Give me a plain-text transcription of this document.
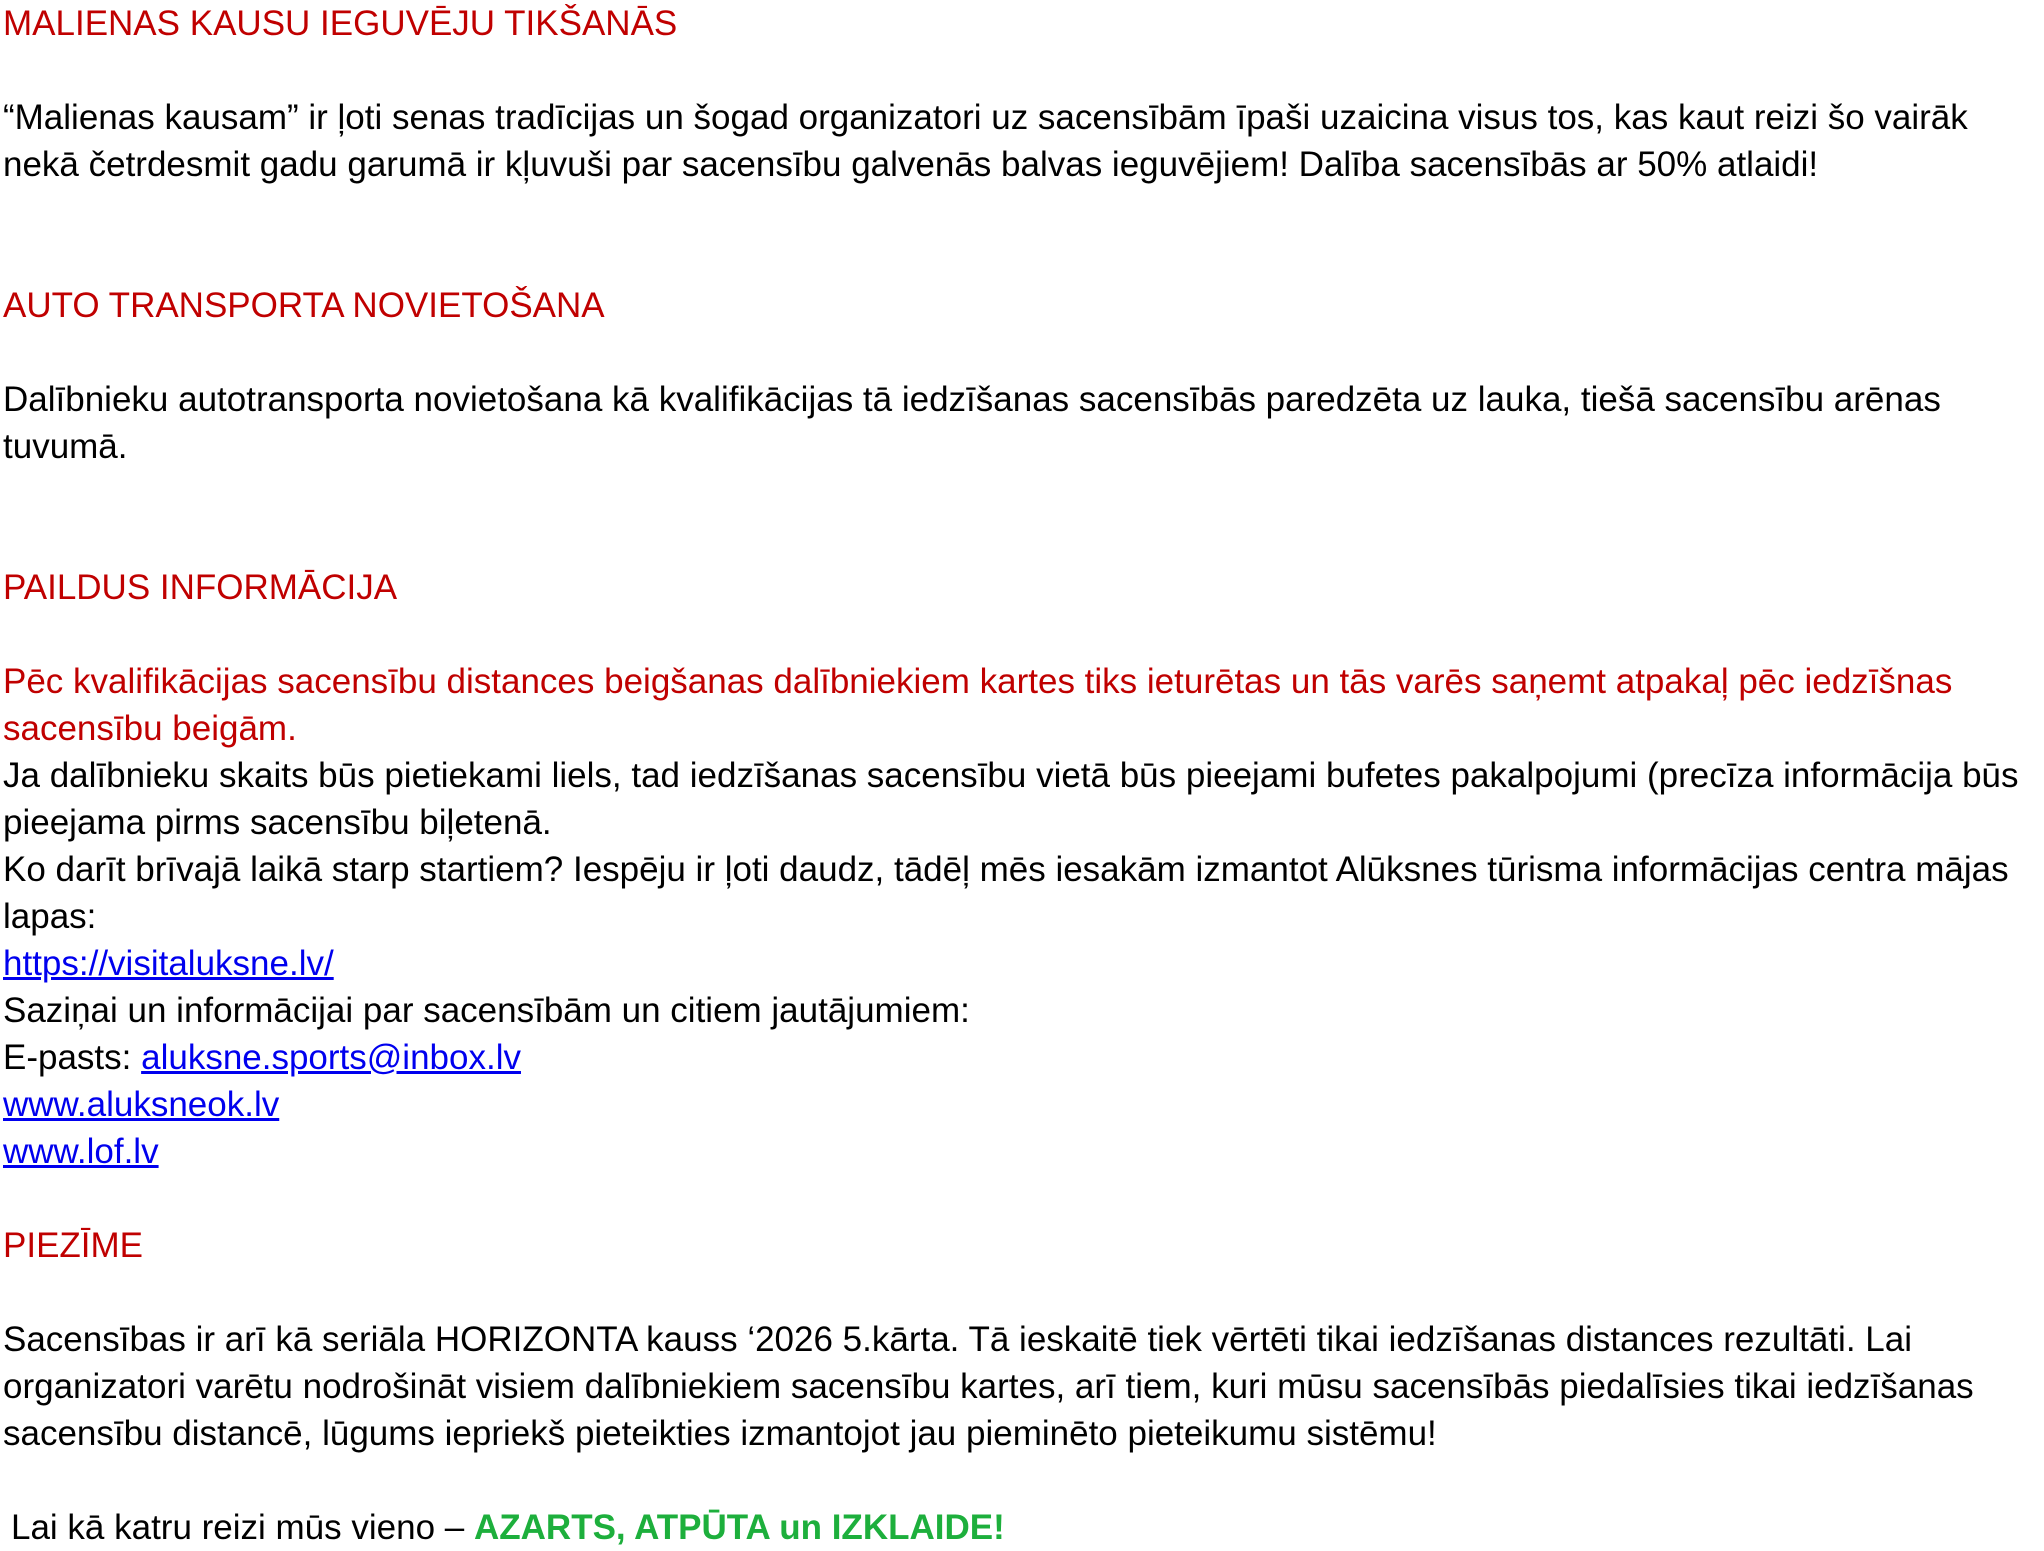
MALIENAS KAUSU IEGUVĒJU TIKŠANĀS

“Malienas kausam” ir ļoti senas tradīcijas un šogad organizatori uz sacensībām īpaši uzaicina visus tos, kas kaut reizi šo vairāk nekā četrdesmit gadu garumā ir kļuvuši par sacensību galvenās balvas ieguvējiem! Dalība sacensībās ar 50% atlaidi!

AUTO TRANSPORTA NOVIETOŠANA

Dalībnieku autotransporta novietošana kā kvalifikācijas tā iedzīšanas sacensībās paredzēta uz lauka, tiešā sacensību arēnas tuvumā.

PAILDUS INFORMĀCIJA

Pēc kvalifikācijas sacensību distances beigšanas dalībniekiem kartes tiks ieturētas un tās varēs saņemt atpakaļ pēc iedzīšnas sacensību beigām.

Ja dalībnieku skaits būs pietiekami liels, tad iedzīšanas sacensību vietā būs pieejami bufetes pakalpojumi (precīza informācija būs pieejama pirms sacensību biļetenā.

Ko darīt brīvajā laikā starp startiem? Iespēju ir ļoti daudz, tādēļ mēs iesakām izmantot Alūksnes tūrisma informācijas centra mājas lapas:

https://visitaluksne.lv/

Saziņai un informācijai par sacensībām un citiem jautājumiem:

E-pasts: aluksne.sports@inbox.lv

www.aluksneok.lv

www.lof.lv

PIEZĪME

Sacensības ir arī kā seriāla HORIZONTA kauss ‘2026 5.kārta. Tā ieskaitē tiek vērtēti tikai iedzīšanas distances rezultāti. Lai organizatori varētu nodrošināt visiem dalībniekiem sacensību kartes, arī tiem, kuri mūsu sacensībās piedalīsies tikai iedzīšanas sacensību distancē, lūgums iepriekš pieteikties izmantojot jau pieminēto pieteikumu sistēmu!

Lai kā katru reizi mūs vieno – AZARTS, ATPŪTA un IZKLAIDE!
